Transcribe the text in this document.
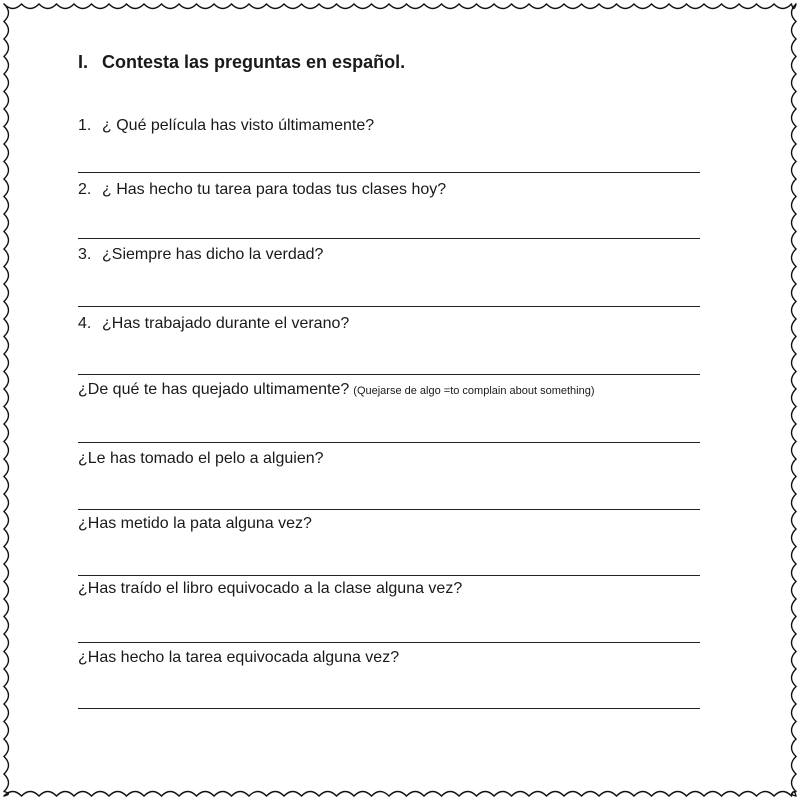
I. Contesta las preguntas en español.
1. ¿ Qué película has visto últimamente?
2. ¿ Has hecho tu tarea para todas tus clases hoy?
3. ¿Siempre has dicho la verdad?
4. ¿Has trabajado durante el verano?
¿De qué te has quejado ultimamente? (Quejarse de algo =to complain about something)
¿Le has tomado el pelo a alguien?
¿Has metido la pata alguna vez?
¿Has traído el libro equivocado a la clase alguna vez?
¿Has hecho la tarea equivocada alguna vez?
